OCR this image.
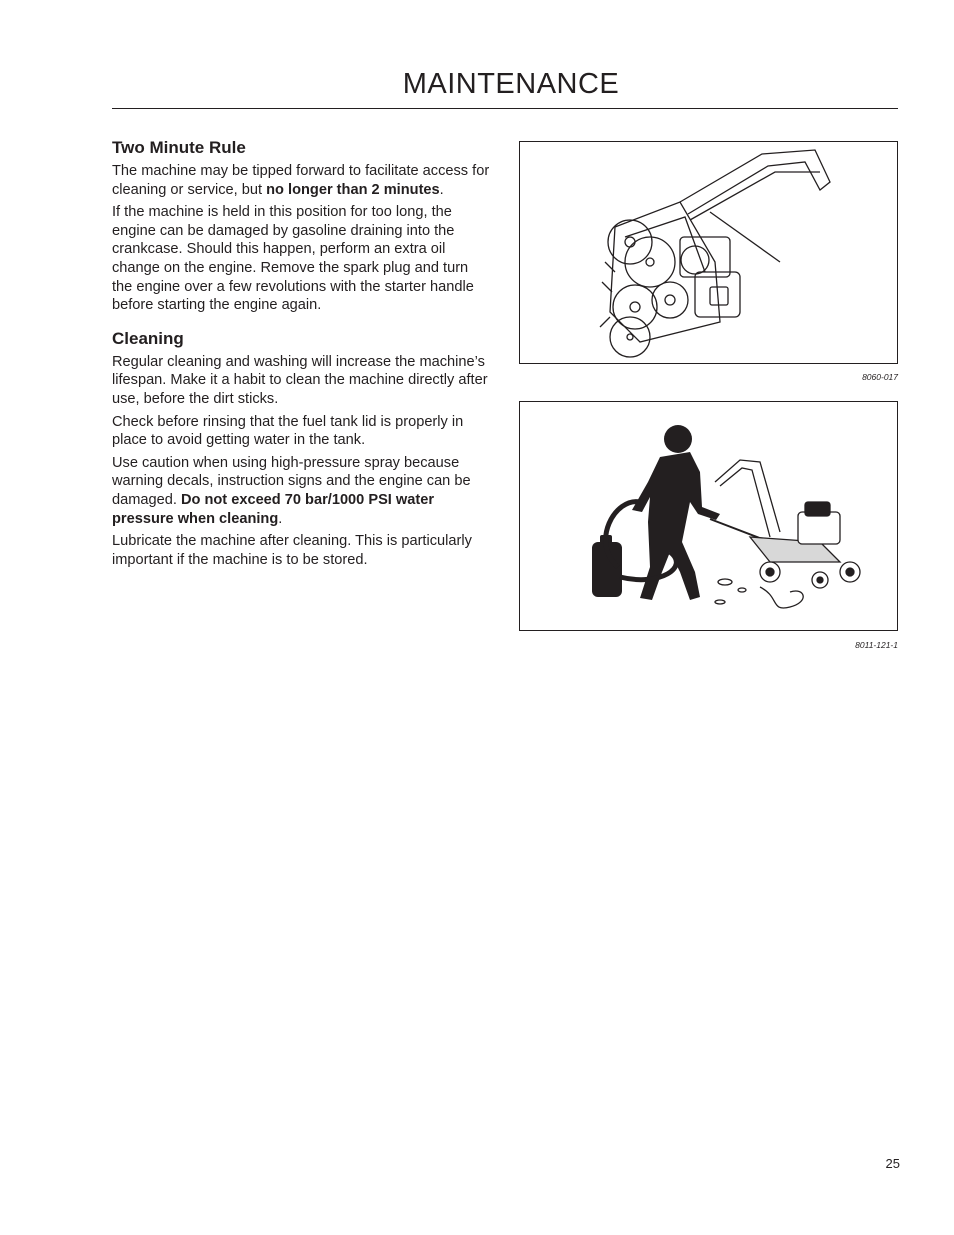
MAINTENANCE
Two Minute Rule

The machine may be tipped forward to facilitate access for cleaning or service, but no longer than 2 minutes.

If the machine is held in this position for too long, the engine can be damaged by gasoline draining into the crankcase. Should this happen, perform an extra oil change on the engine. Remove the spark plug and turn the engine over a few revolutions with the starter handle before starting the engine again.

Cleaning

Regular cleaning and washing will increase the machine’s lifespan. Make it a habit to clean the machine directly after use, before the dirt sticks.

Check before rinsing that the fuel tank lid is properly in place to avoid getting water in the tank.

Use caution when using high-pressure spray because warning decals, instruction signs and the engine can be damaged. Do not exceed 70 bar/1000 PSI water pressure when cleaning.

Lubricate the machine after cleaning. This is particularly important if the machine is to be stored.

8060-017
8011-121-1
25
